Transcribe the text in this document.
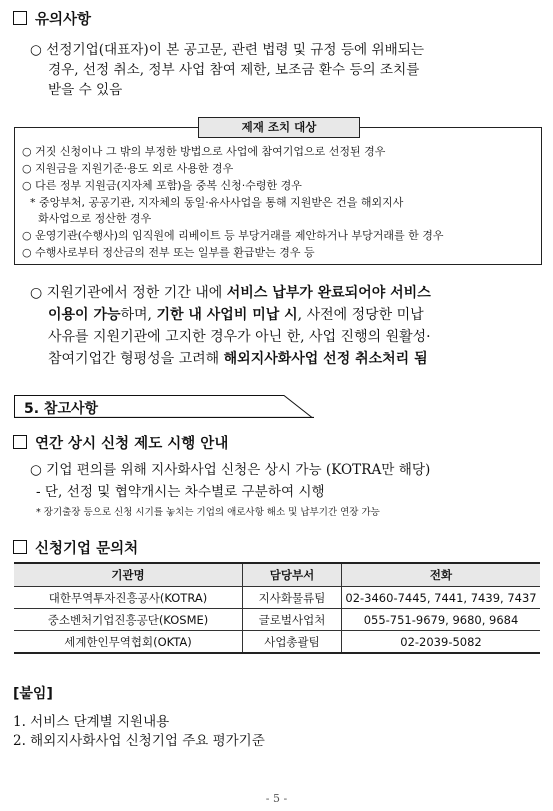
유의사항
○ 선정기업(대표자)이 본 공고문, 관련 법령 및 규정 등에 위배되는
경우, 선정 취소, 정부 사업 참여 제한, 보조금 환수 등의 조치를
받을 수 있음
제재 조치 대상
○ 거짓 신청이나 그 밖의 부정한 방법으로 사업에 참여기업으로 선정된 경우
○ 지원금을 지원기준·용도 외로 사용한 경우
○ 다른 정부 지원금(지자체 포함)을 중복 신청·수령한 경우
* 중앙부처, 공공기관, 지자체의 동일·유사사업을 통해 지원받은 건을 해외지사
화사업으로 정산한 경우
○ 운영기관(수행사)의 임직원에 리베이트 등 부당거래를 제안하거나 부당거래를 한 경우
○ 수행사로부터 정산금의 전부 또는 일부를 환급받는 경우 등
○ 지원기관에서 정한 기간 내에 서비스 납부가 완료되어야 서비스
이용이 가능하며, 기한 내 사업비 미납 시, 사전에 정당한 미납
사유를 지원기관에 고지한 경우가 아닌 한, 사업 진행의 원활성·
참여기업간 형평성을 고려해 해외지사화사업 선정 취소처리 됨
5. 참고사항
연간 상시 신청 제도 시행 안내
○ 기업 편의를 위해 지사화사업 신청은 상시 가능 (KOTRA만 해당)
- 단, 선정 및 협약개시는 차수별로 구분하여 시행
* 장기출장 등으로 신청 시기를 놓치는 기업의 애로사항 해소 및 납부기간 연장 가능
신청기업 문의처
기관명	담당부서	전화
대한무역투자진흥공사(KOTRA)	지사화물류팀	02-3460-7445, 7441, 7439, 7437
중소벤처기업진흥공단(KOSME)	글로벌사업처	055-751-9679, 9680, 9684
세계한인무역협회(OKTA)	사업총괄팀	02-2039-5082
[붙임]
1. 서비스 단계별 지원내용
2. 해외지사화사업 신청기업 주요 평가기준
- 5 -
